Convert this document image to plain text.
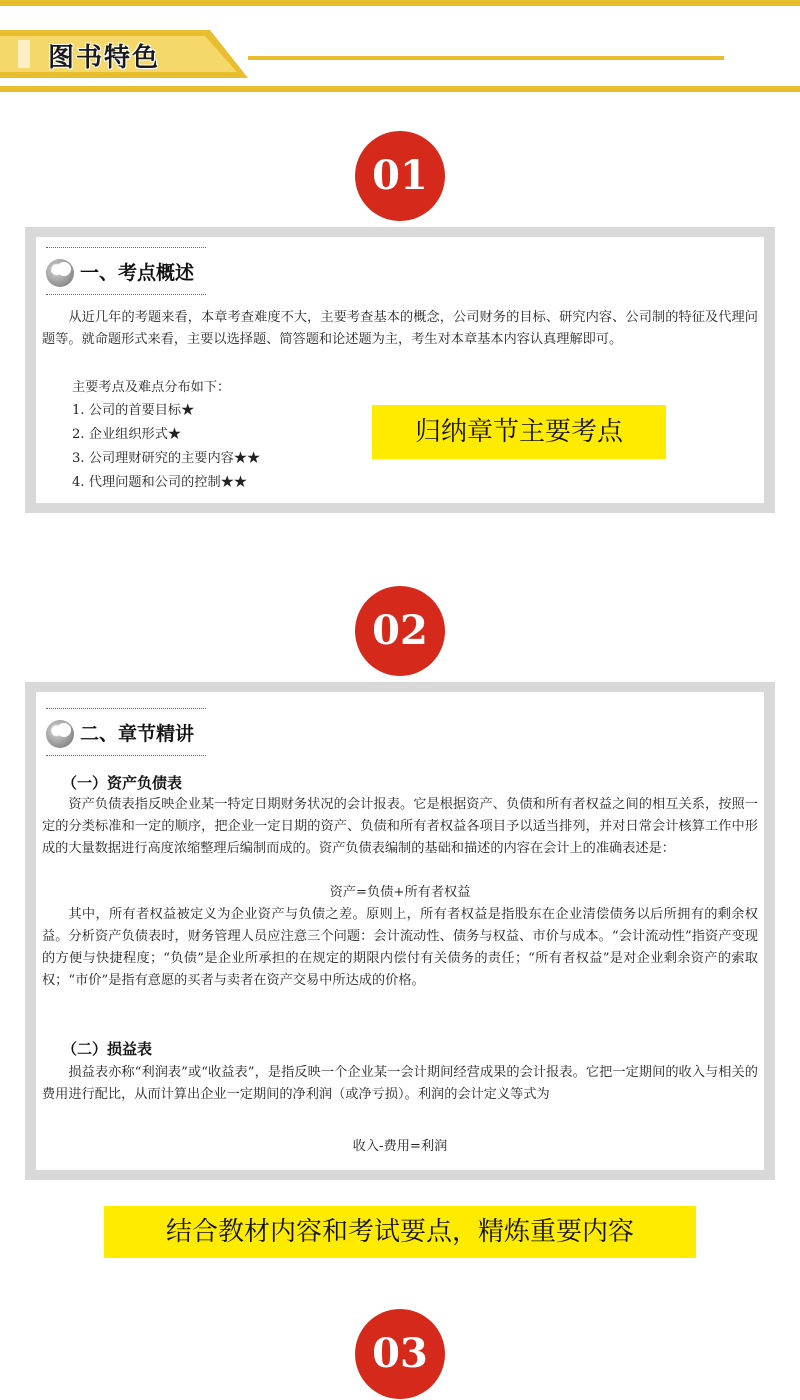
图书特色
01
一、考点概述

从近几年的考题来看，本章考查难度不大，主要考查基本的概念，公司财务的目标、研究内容、公司制的特征及代理问题等。就命题形式来看，主要以选择题、简答题和论述题为主，考生对本章基本内容认真理解即可。

主要考点及难点分布如下：
1. 公司的首要目标★
2. 企业组织形式★
3. 公司理财研究的主要内容★★
4. 代理问题和公司的控制★★
归纳章节主要考点
02
二、章节精讲
（一）资产负债表

资产负债表指反映企业某一特定日期财务状况的会计报表。它是根据资产、负债和所有者权益之间的相互关系，按照一定的分类标准和一定的顺序，把企业一定日期的资产、负债和所有者权益各项目予以适当排列，并对日常会计核算工作中形成的大量数据进行高度浓缩整理后编制而成的。资产负债表编制的基础和描述的内容在会计上的准确表述是：

资产=负债+所有者权益

其中，所有者权益被定义为企业资产与负债之差。原则上，所有者权益是指股东在企业清偿债务以后所拥有的剩余权益。分析资产负债表时，财务管理人员应注意三个问题：会计流动性、债务与权益、市价与成本。“会计流动性”指资产变现的方便与快捷程度；“负债”是企业所承担的在规定的期限内偿付有关债务的责任；“所有者权益”是对企业剩余资产的索取权；“市价”是指有意愿的买者与卖者在资产交易中所达成的价格。

（二）损益表

损益表亦称“利润表”或“收益表”，是指反映一个企业某一会计期间经营成果的会计报表。它把一定期间的收入与相关的费用进行配比，从而计算出企业一定期间的净利润（或净亏损）。利润的会计定义等式为

收入-费用=利润
结合教材内容和考试要点，精炼重要内容
03
